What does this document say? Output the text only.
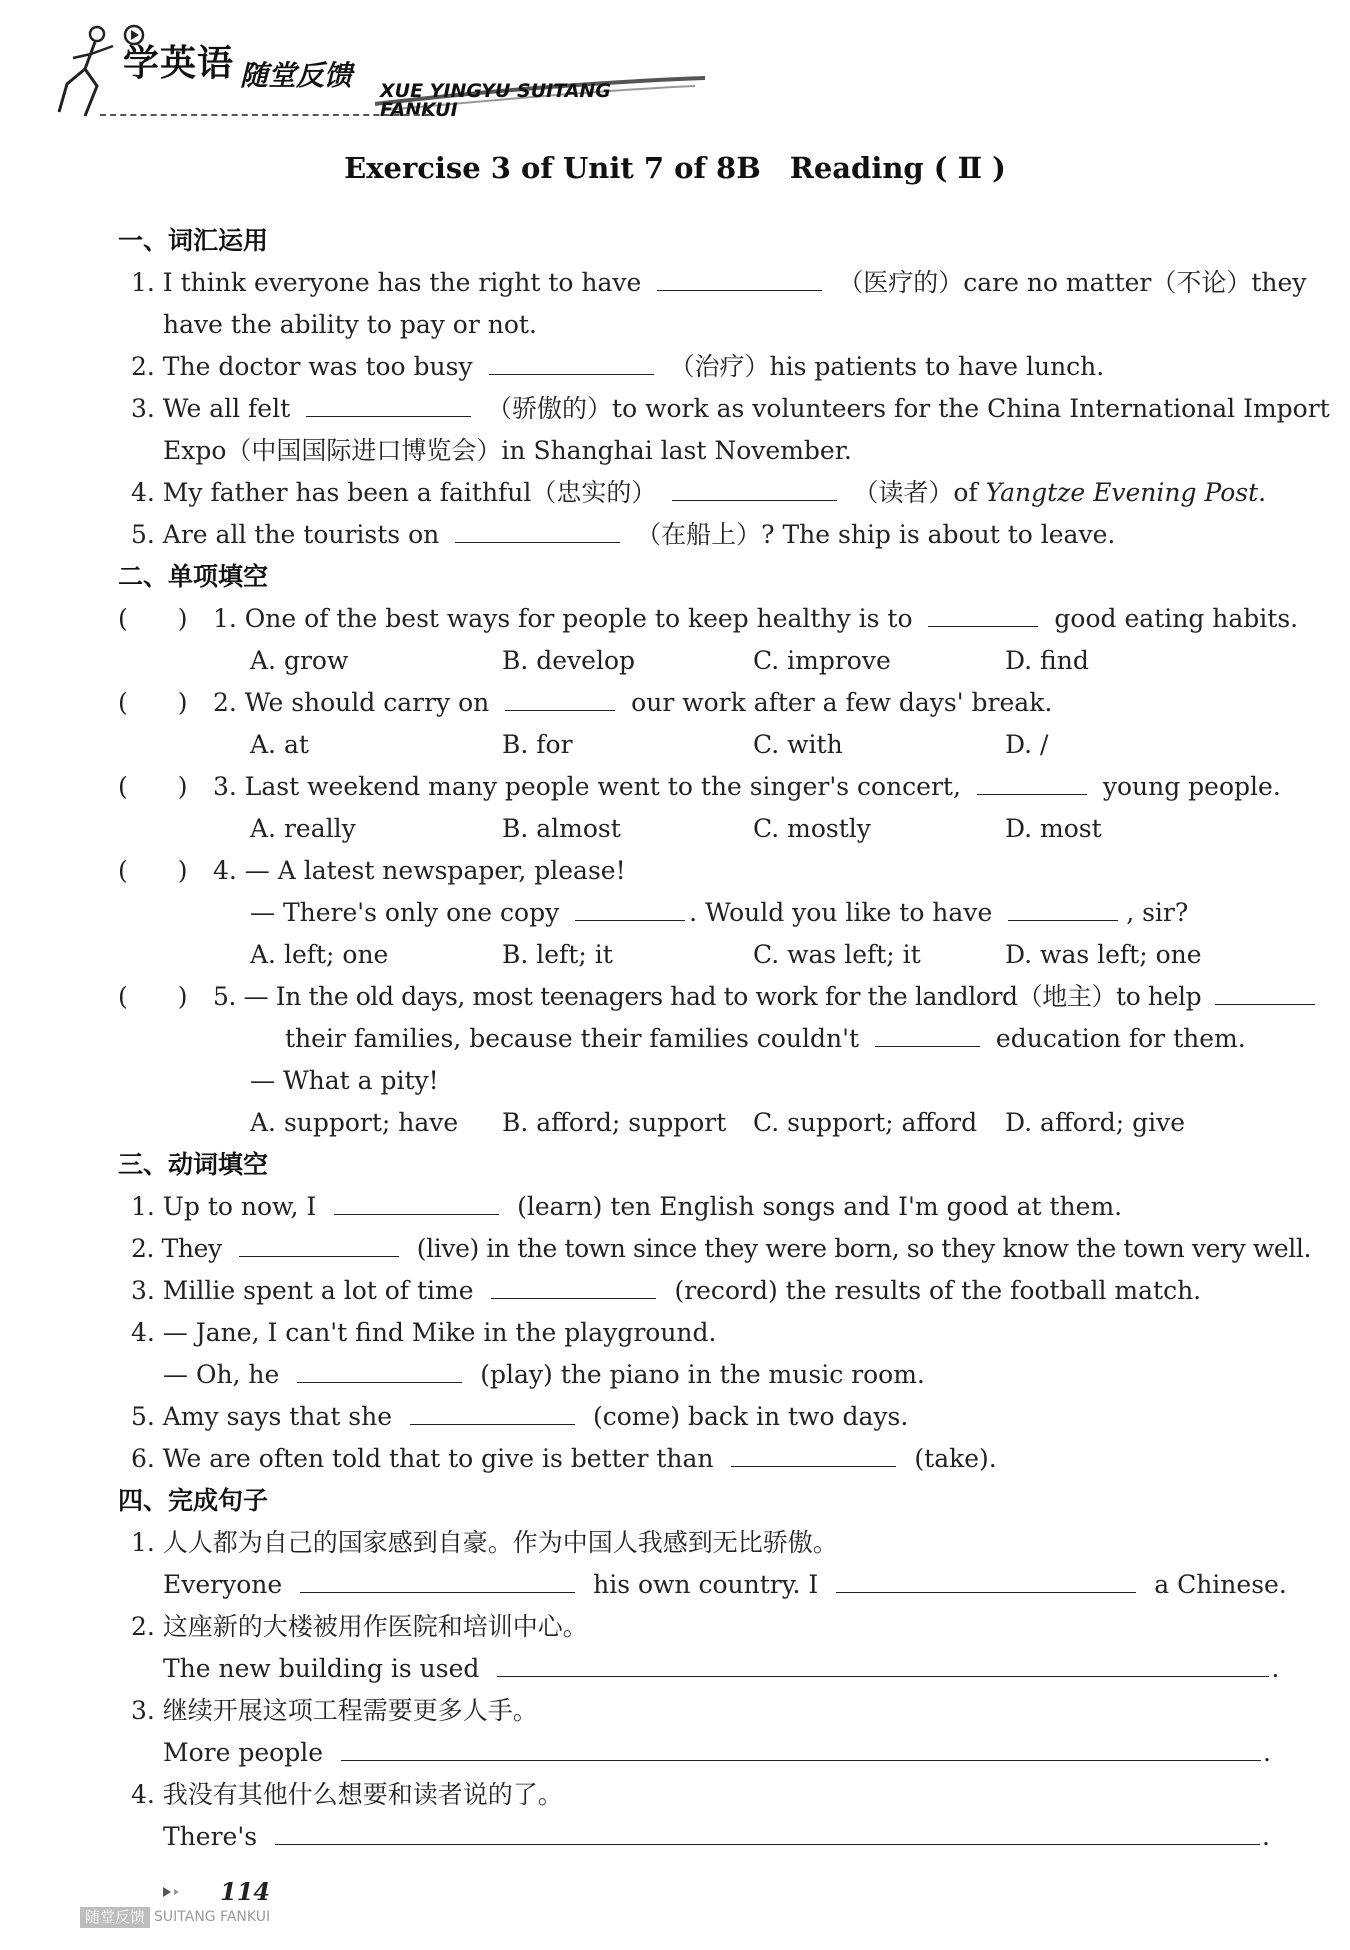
学英语 随堂反馈 XUE YINGYU SUITANG FANKUI
Exercise 3 of Unit 7 of 8B　Reading ( Ⅱ )
一、词汇运用
1. I think everyone has the right to have	（医疗的）care no matter（不论）they
have the ability to pay or not.
2. The doctor was too busy	（治疗）his patients to have lunch.
3. We all felt	（骄傲的）to work as volunteers for the China International Import
Expo（中国国际进口博览会）in Shanghai last November.
4. My father has been a faithful（忠实的）	（读者）of Yangtze Evening Post.
5. Are all the tourists on	（在船上）? The ship is about to leave.
二、单项填空
(　　) 1. One of the best ways for people to keep healthy is to	good eating habits.
A. grow	B. develop	C. improve	D. find
(　　) 2. We should carry on	our work after a few days' break.
A. at	B. for	C. with	D. /
(　　) 3. Last weekend many people went to the singer's concert,	young people.
A. really	B. almost	C. mostly	D. most
(　　) 4. — A latest newspaper, please!
— There's only one copy	. Would you like to have	, sir?
A. left; one	B. left; it	C. was left; it	D. was left; one
(　　) 5. — In the old days, most teenagers had to work for the landlord（地主）to help
their families, because their families couldn't	education for them.
— What a pity!
A. support; have B. afford; support C. support; afford D. afford; give
三、动词填空
1. Up to now, I	(learn) ten English songs and I'm good at them.
2. They	(live) in the town since they were born, so they know the town very well.
3. Millie spent a lot of time	(record) the results of the football match.
4. — Jane, I can't find Mike in the playground.
— Oh, he	(play) the piano in the music room.
5. Amy says that she	(come) back in two days.
6. We are often told that to give is better than	(take).
四、完成句子
1. 人人都为自己的国家感到自豪。作为中国人我感到无比骄傲。
Everyone	his own country. I	a Chinese.
2. 这座新的大楼被用作医院和培训中心。
The new building is used	.
3. 继续开展这项工程需要更多人手。
More people	.
4. 我没有其他什么想要和读者说的了。
There's	.
114
随堂反馈 SUITANG FANKUI
